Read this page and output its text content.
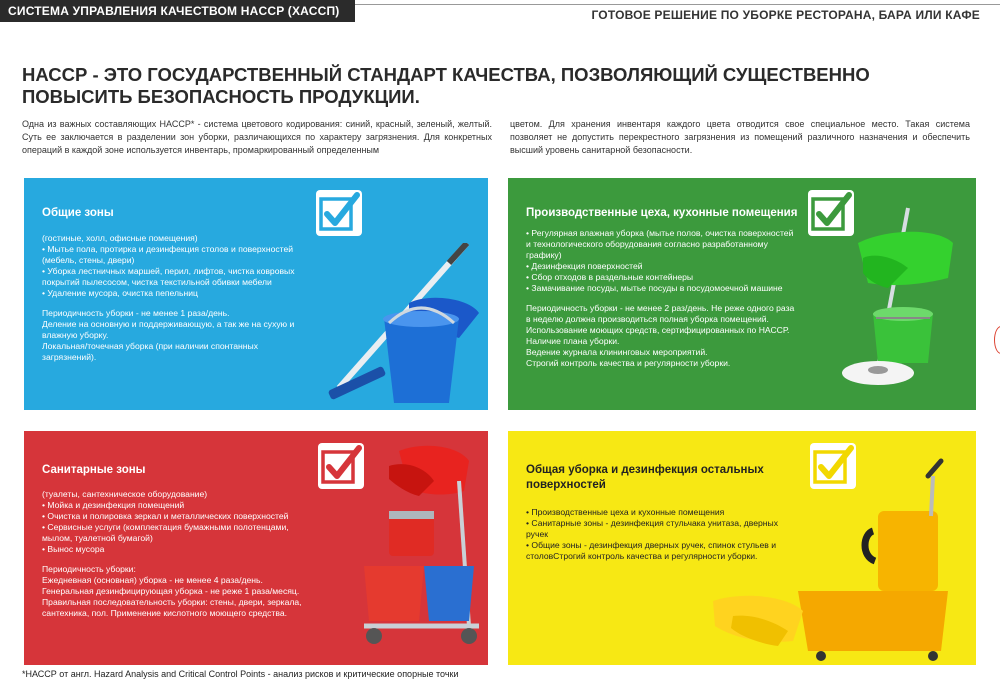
СИСТЕМА УПРАВЛЕНИЯ КАЧЕСТВОМ HACCP (ХАССП)	ГОТОВОЕ РЕШЕНИЕ ПО УБОРКЕ РЕСТОРАНА, БАРА ИЛИ КАФЕ
НАССР - ЭТО ГОСУДАРСТВЕННЫЙ СТАНДАРТ КАЧЕСТВА, ПОЗВОЛЯЮЩИЙ СУЩЕСТВЕННО
ПОВЫСИТЬ БЕЗОПАСНОСТЬ ПРОДУКЦИИ.
Одна из важных составляющих НАССР* - система цветового кодирования: синий, красный, зеленый, желтый. Суть ее заключается в разделении зон уборки, различающихся по характеру загрязнения. Для конкретных операций в каждой зоне используется инвентарь, промаркированный определенным
цветом. Для хранения инвентаря каждого цвета отводится свое специальное место. Такая система позволяет не допустить перекрестного загрязнения из помещений различного назначения и обеспечить высший уровень санитарной безопасности.
Общие зоны
(гостиные, холл, офисные помещения)
• Мытье пола, протирка и дезинфекция столов и поверхностей (мебель, стены, двери)
• Уборка лестничных маршей, перил, лифтов, чистка ковровых покрытий пылесосом, чистка текстильной обивки мебели
• Удаление мусора, очистка пепельниц
Периодичность уборки - не менее 1 раза/день.
Деление на основную и поддерживающую, а так же на сухую и влажную уборку.
Локальная/точечная уборка (при наличии спонтанных загрязнений).
Производственные цеха, кухонные помещения
• Регулярная влажная уборка (мытье полов, очистка поверхностей и технологического оборудования согласно разработанному графику)
• Дезинфекция поверхностей
• Сбор отходов в раздельные контейнеры
• Замачивание посуды, мытье посуды в посудомоечной машине
Периодичность уборки - не менее 2 раз/день. Не реже одного раза в неделю должна производиться полная уборка помещений.
Использование моющих средств, сертифицированных по НАССР.
Наличие плана уборки.
Ведение журнала клининговых мероприятий.
Строгий контроль качества и регулярности уборки.
Санитарные зоны
(туалеты, сантехническое оборудование)
• Мойка и дезинфекция помещений
• Очистка и полировка зеркал и металлических поверхностей
• Сервисные услуги (комплектация бумажными полотенцами, мылом, туалетной бумагой)
• Вынос мусора
Периодичность уборки:
Ежедневная (основная) уборка - не менее 4 раза/день.
Генеральная дезинфицирующая уборка - не реже 1 раза/месяц.
Правильная последовательность уборки: стены, двери, зеркала, сантехника, пол. Применение кислотного моющего средства.
Общая уборка и дезинфекция остальных поверхностей
• Производственные цеха и кухонные помещения
• Санитарные зоны - дезинфекция стульчака унитаза, дверных ручек
• Общие зоны - дезинфекция дверных ручек, спинок стульев и столовСтрогий контроль качества и регулярности уборки.
*НАССР от англ. Hazard Analysis and Critical Control Points - анализ рисков и критические опорные точки
